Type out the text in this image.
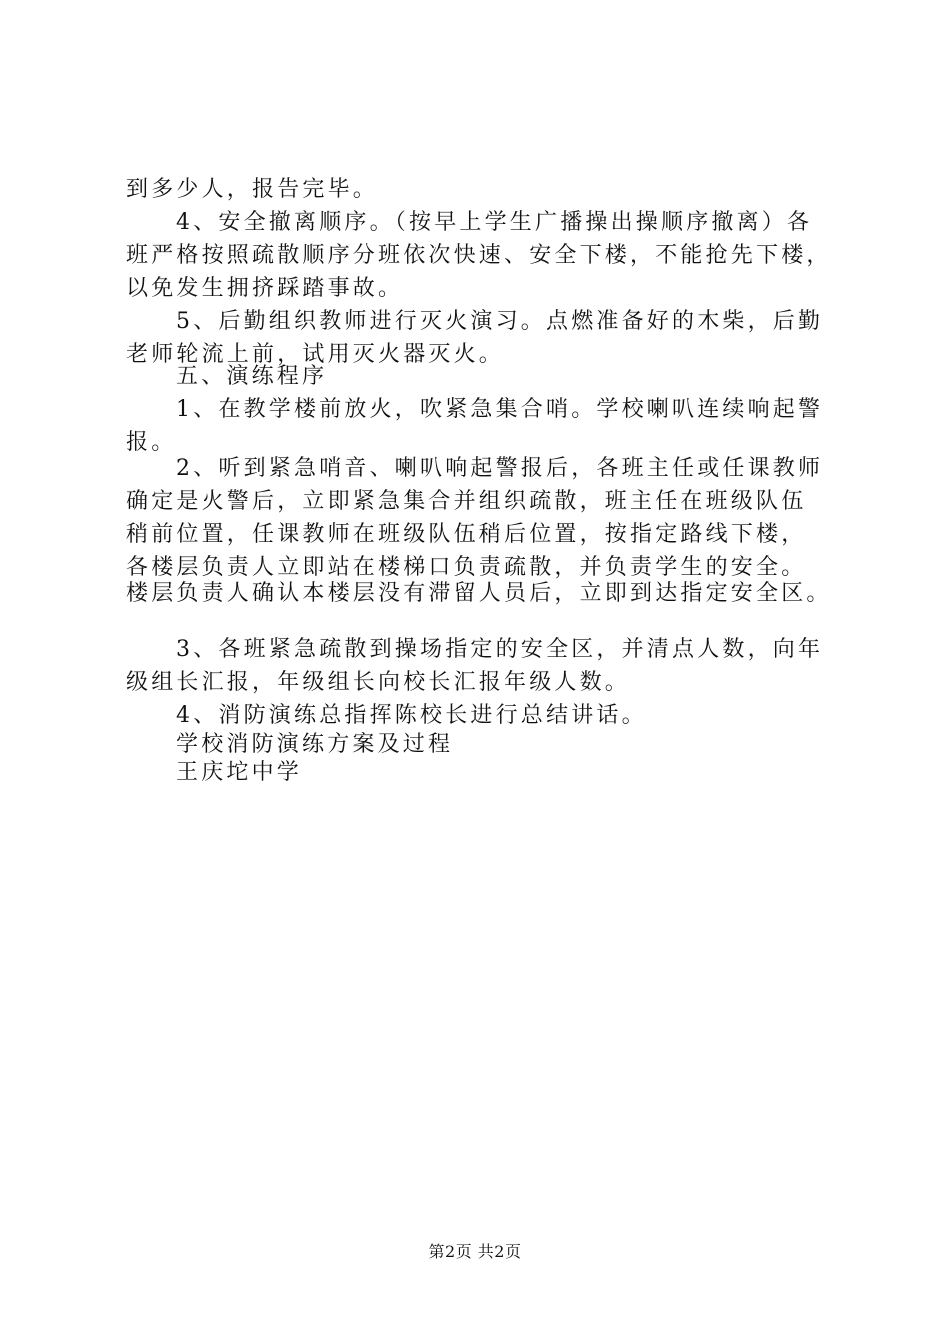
到多少人，报告完毕。
4、安全撤离顺序。（按早上学生广播操出操顺序撤离）各
班严格按照疏散顺序分班依次快速、安全下楼，不能抢先下楼，
以免发生拥挤踩踏事故。
5、后勤组织教师进行灭火演习。点燃准备好的木柴，后勤
老师轮流上前，试用灭火器灭火。
五、演练程序
1、在教学楼前放火，吹紧急集合哨。学校喇叭连续响起警
报。
2、听到紧急哨音、喇叭响起警报后，各班主任或任课教师
确定是火警后，立即紧急集合并组织疏散，班主任在班级队伍
稍前位置，任课教师在班级队伍稍后位置，按指定路线下楼，
各楼层负责人立即站在楼梯口负责疏散，并负责学生的安全。
楼层负责人确认本楼层没有滞留人员后，立即到达指定安全区。
3、各班紧急疏散到操场指定的安全区，并清点人数，向年
级组长汇报，年级组长向校长汇报年级人数。
4、消防演练总指挥陈校长进行总结讲话。
学校消防演练方案及过程
王庆坨中学
第2页 共2页
